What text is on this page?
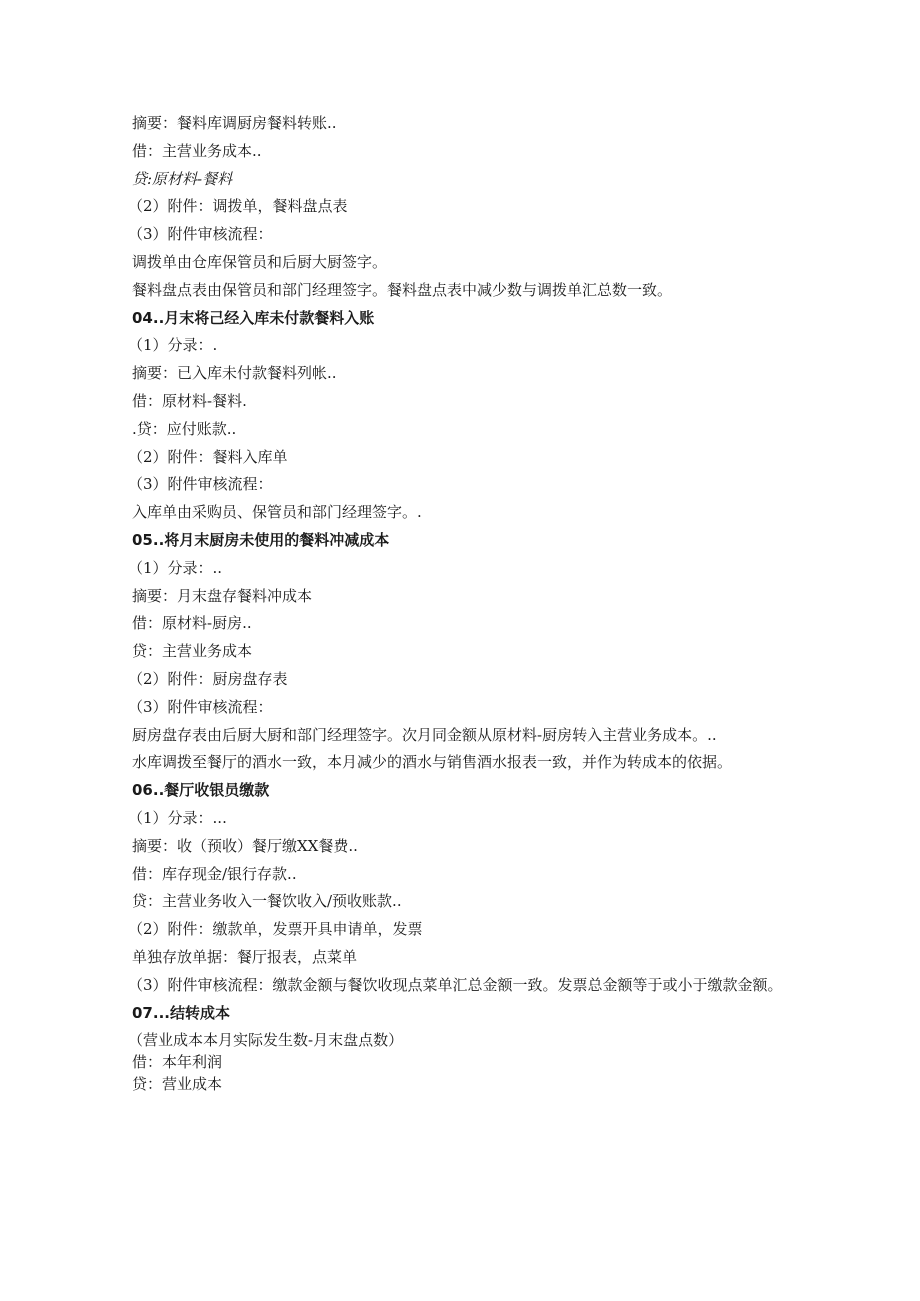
摘要：餐料库调厨房餐料转账..
借：主营业务成本..
贷:原材料-餐料
（2）附件：调拨单，餐料盘点表
（3）附件审核流程：
调拨单由仓库保管员和后厨大厨签字。
餐料盘点表由保管员和部门经理签字。餐料盘点表中减少数与调拨单汇总数一致。
04..月末将己经入库未付款餐料入账
（1）分录：.
摘要：已入库未付款餐料列帐..
借：原材料-餐料.
.贷：应付账款..
（2）附件：餐料入库单
（3）附件审核流程：
入库单由采购员、保管员和部门经理签字。.
05..将月末厨房未使用的餐料冲减成本
（1）分录：..
摘要：月末盘存餐料冲成本
借：原材料-厨房..
贷：主营业务成本
（2）附件：厨房盘存表
（3）附件审核流程：
厨房盘存表由后厨大厨和部门经理签字。次月同金额从原材料-厨房转入主营业务成本。..
水库调拨至餐厅的酒水一致，本月减少的酒水与销售酒水报表一致，并作为转成本的依据。
06..餐厅收银员缴款
（1）分录：...
摘要：收（预收）餐厅缴XX餐费..
借：库存现金/银行存款..
贷：主营业务收入一餐饮收入/预收账款..
（2）附件：缴款单，发票开具申请单，发票
单独存放单据：餐厅报表，点菜单
（3）附件审核流程：缴款金额与餐饮收现点菜单汇总金额一致。发票总金额等于或小于缴款金额。
07...结转成本
（营业成本本月实际发生数-月末盘点数）
借：本年利润
贷：营业成本
